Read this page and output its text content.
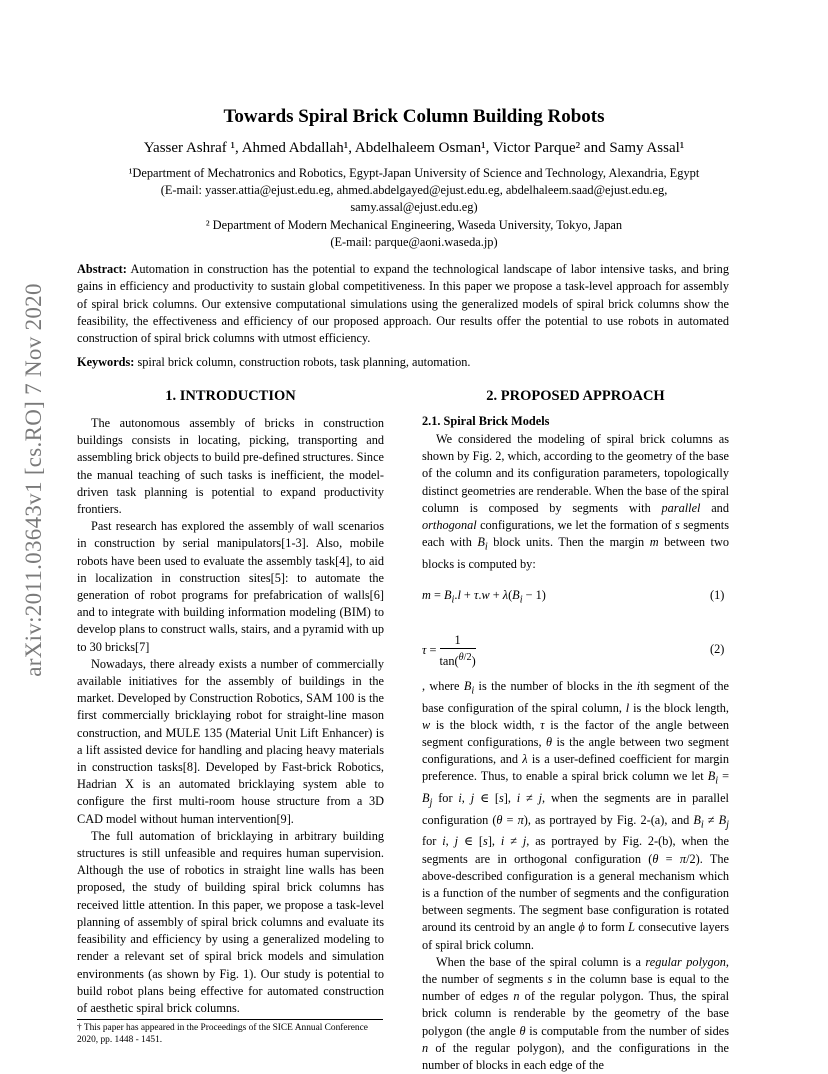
arXiv:2011.03643v1 [cs.RO] 7 Nov 2020
Towards Spiral Brick Column Building Robots
Yasser Ashraf ¹, Ahmed Abdallah¹, Abdelhaleem Osman¹, Victor Parque² and Samy Assal¹
¹Department of Mechatronics and Robotics, Egypt-Japan University of Science and Technology, Alexandria, Egypt
(E-mail: yasser.attia@ejust.edu.eg, ahmed.abdelgayed@ejust.edu.eg, abdelhaleem.saad@ejust.edu.eg,
samy.assal@ejust.edu.eg)
² Department of Modern Mechanical Engineering, Waseda University, Tokyo, Japan
(E-mail: parque@aoni.waseda.jp)
Abstract: Automation in construction has the potential to expand the technological landscape of labor intensive tasks, and bring gains in efficiency and productivity to sustain global competitiveness. In this paper we propose a task-level approach for assembly of spiral brick columns. Our extensive computational simulations using the generalized models of spiral brick columns show the feasibility, the effectiveness and efficiency of our proposed approach. Our results offer the potential to use robots in automated construction of spiral brick columns with utmost efficiency.
Keywords: spiral brick column, construction robots, task planning, automation.
1. INTRODUCTION

The autonomous assembly of bricks in construction buildings consists in locating, picking, transporting and assembling brick objects to build pre-defined structures. Since the manual teaching of such tasks is inefficient, the model-driven task planning is potential to expand productivity frontiers.

Past research has explored the assembly of wall scenarios in construction by serial manipulators[1-3]. Also, mobile robots have been used to evaluate the assembly task[4], to aid in localization in construction sites[5]: to automate the generation of robot programs for prefabrication of walls[6] and to integrate with building information modeling (BIM) to develop plans to construct walls, stairs, and a pyramid with up to 30 bricks[7]

Nowadays, there already exists a number of commercially available initiatives for the assembly of buildings in the market. Developed by Construction Robotics, SAM 100 is the first commercially bricklaying robot for straight-line mason construction, and MULE 135 (Material Unit Lift Enhancer) is a lift assisted device for handling and placing heavy materials in construction tasks[8]. Developed by Fast-brick Robotics, Hadrian X is an automated bricklaying system able to configure the first multi-room house structure from a 3D CAD model without human intervention[9].

The full automation of bricklaying in arbitrary building structures is still unfeasible and requires human supervision. Although the use of robotics in straight line walls has been proposed, the study of building spiral brick columns has received little attention. In this paper, we propose a task-level planning of assembly of spiral brick columns and evaluate its feasibility and efficiency by using a generalized modeling to render a relevant set of spiral brick models and simulation environments (as shown by Fig. 1). Our study is potential to build robot plans being effective for automated construction of aesthetic spiral brick columns.

† This paper has appeared in the Proceedings of the SICE Annual Conference 2020, pp. 1448 - 1451.
2. PROPOSED APPROACH
2.1. Spiral Brick Models

We considered the modeling of spiral brick columns as shown by Fig. 2, which, according to the geometry of the base of the column and its configuration parameters, topologically distinct geometries are renderable. When the base of the spiral column is composed by segments with parallel and orthogonal configurations, we let the formation of s segments each with $B_i$ block units. Then the margin m between two blocks is computed by:

$m = B_i.l + \tau.w + \lambda(B_i - 1)$	(1)
$\tau = \frac{1}{\tan(^{\theta/2})}$	(2)

, where $B_i$ is the number of blocks in the ith segment of the base configuration of the spiral column, l is the block length, w is the block width, τ is the factor of the angle between segment configurations, θ is the angle between two segment configurations, and λ is a user-defined coefficient for margin preference. Thus, to enable a spiral brick column we let $B_i = B_j$ for i, j ∈ [s], i ≠ j, when the segments are in parallel configuration (θ = π), as portrayed by Fig. 2-(a), and $B_i \ne B_j$ for i, j ∈ [s], i ≠ j, as portrayed by Fig. 2-(b), when the segments are in orthogonal configuration (θ = π/2). The above-described configuration is a general mechanism which is a function of the number of segments and the configuration between segments. The segment base configuration is rotated around its centroid by an angle ϕ to form L consecutive layers of spiral brick column.

When the base of the spiral column is a regular polygon, the number of segments s in the column base is equal to the number of edges n of the regular polygon. Thus, the spiral brick column is renderable by the geometry of the base polygon (the angle θ is computable from the number of sides n of the regular polygon), and the configurations in the number of blocks in each edge of the
